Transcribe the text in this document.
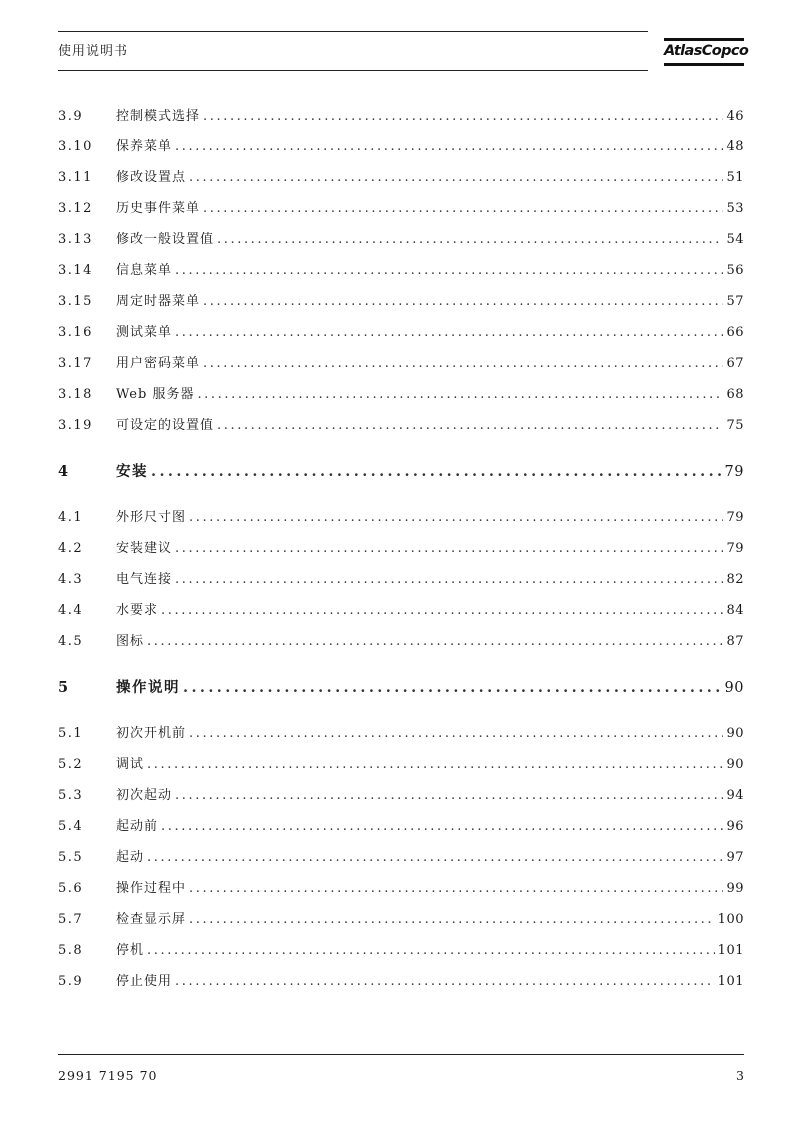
使用说明书	AtlasCopco
3.9	控制模式选择 .....	46
3.10	保养菜单 .....	48
3.11	修改设置点 .....	51
3.12	历史事件菜单 .....	53
3.13	修改一般设置值 .....	54
3.14	信息菜单 .....	56
3.15	周定时器菜单 .....	57
3.16	测试菜单 .....	66
3.17	用户密码菜单 .....	67
3.18	Web 服务器 .....	68
3.19	可设定的设置值 .....	75
4	安装 .....	79
4.1	外形尺寸图 .....	79
4.2	安装建议 .....	79
4.3	电气连接 .....	82
4.4	水要求 .....	84
4.5	图标 .....	87
5	操作说明 .....	90
5.1	初次开机前 .....	90
5.2	调试 .....	90
5.3	初次起动 .....	94
5.4	起动前 .....	96
5.5	起动 .....	97
5.6	操作过程中 .....	99
5.7	检查显示屏 .....	100
5.8	停机 .....	101
5.9	停止使用 .....	101
2991 7195 70	3
